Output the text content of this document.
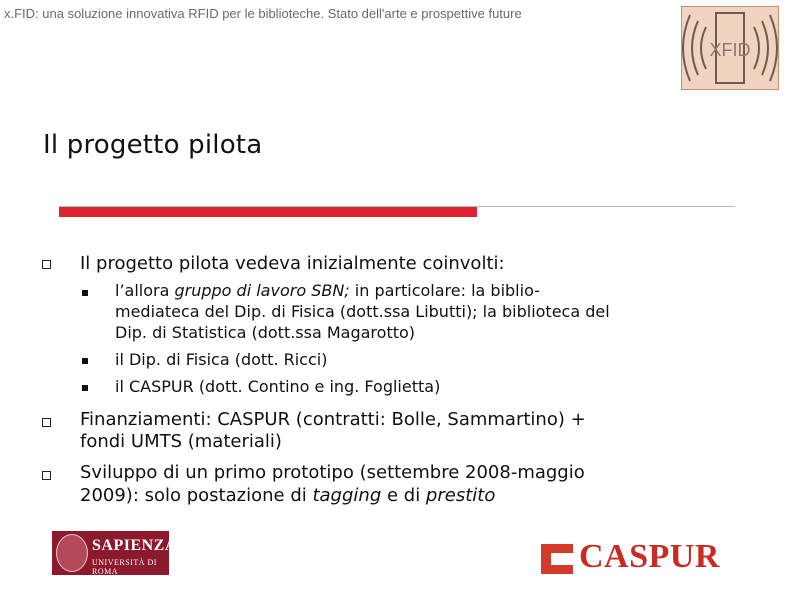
x.FID: una soluzione innovativa RFID per le biblioteche. Stato dell'arte e prospettive future
XFID
Il progetto pilota
Il progetto pilota vedeva inizialmente coinvolti:
l’allora gruppo di lavoro SBN; in particolare: la biblio-
mediateca del Dip. di Fisica (dott.ssa Libutti); la biblioteca del
Dip. di Statistica (dott.ssa Magarotto)
il Dip. di Fisica (dott. Ricci)
il CASPUR (dott. Contino e ing. Foglietta)
Finanziamenti: CASPUR (contratti: Bolle, Sammartino) +
fondi UMTS (materiali)
Sviluppo di un primo prototipo (settembre 2008-maggio
2009): solo postazione di tagging e di prestito
SAPIENZA
UNIVERSITÀ DI ROMA	CASPUR
